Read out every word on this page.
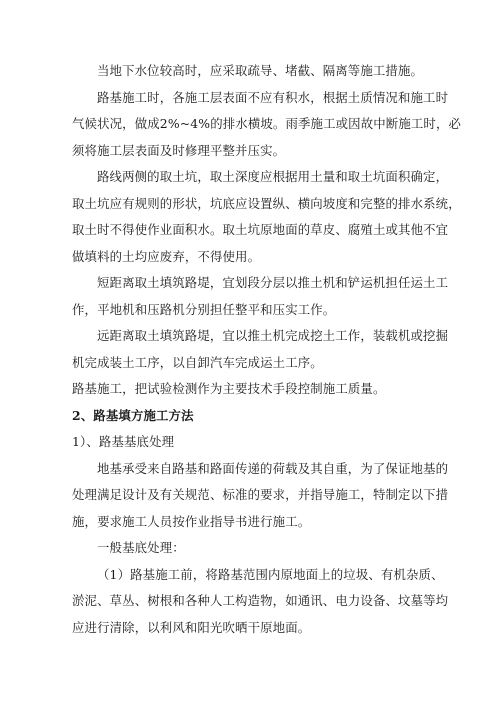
当地下水位较高时，应采取疏导、堵截、隔离等施工措施。
路基施工时，各施工层表面不应有积水，根据土质情况和施工时
气候状况，做成2%~4%的排水横坡。雨季施工或因故中断施工时，必
须将施工层表面及时修理平整并压实。
路线两侧的取土坑，取土深度应根据用土量和取土坑面积确定，
取土坑应有规则的形状，坑底应设置纵、横向坡度和完整的排水系统，
取土时不得使作业面积水。取土坑原地面的草皮、腐殖土或其他不宜
做填料的土均应废弃，不得使用。
短距离取土填筑路堤，宜划段分层以推土机和铲运机担任运土工
作，平地机和压路机分别担任整平和压实工作。
远距离取土填筑路堤，宜以推土机完成挖土工作，装载机或挖掘
机完成装土工序，以自卸汽车完成运土工序。
路基施工，把试验检测作为主要技术手段控制施工质量。
2、路基填方施工方法
1）、路基基底处理
地基承受来自路基和路面传递的荷载及其自重，为了保证地基的
处理满足设计及有关规范、标准的要求，并指导施工，特制定以下措
施，要求施工人员按作业指导书进行施工。
一般基底处理：
（1）路基施工前，将路基范围内原地面上的垃圾、有机杂质、
淤泥、草丛、树根和各种人工构造物，如通讯、电力设备、坟墓等均
应进行清除，以利风和阳光吹晒干原地面。
